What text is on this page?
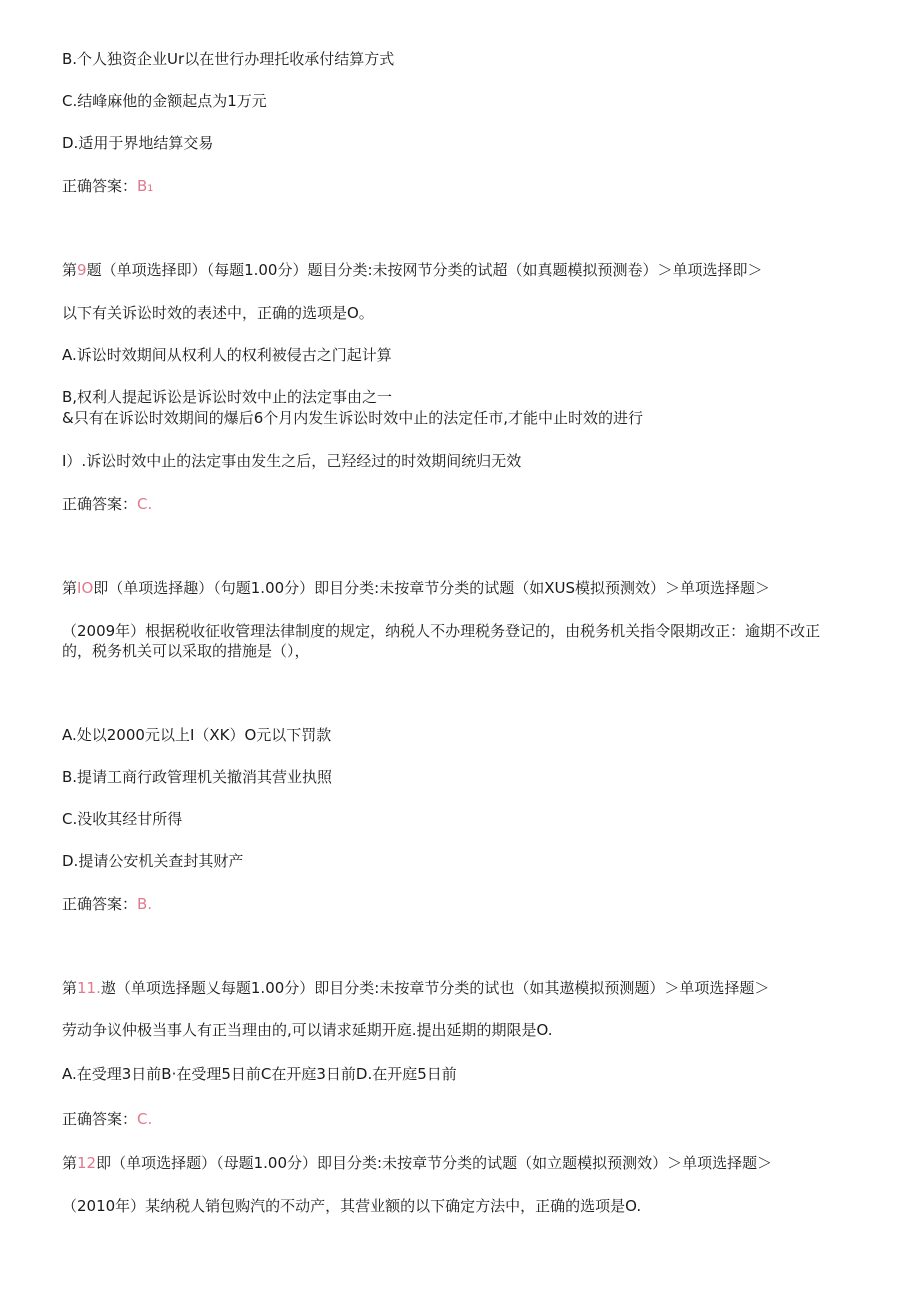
B.个人独资企业Ur以在世行办理托收承付结算方式
C.结峰麻他的金额起点为1万元
D.适用于界地结算交易
正确答案：B₁
第9题（单项选择即）（每题1.00分）题目分类:未按网节分类的试超（如真题模拟预测卷）＞单项选择即＞
以下有关诉讼时效的表述中，正确的选项是O。
A.诉讼时效期间从权利人的权利被侵古之门起计算
B,权利人提起诉讼是诉讼时效中止的法定事由之一
&只有在诉讼时效期间的爆后6个月内发生诉讼时效中止的法定任市,才能中止时效的进行
I）.诉讼时效中止的法定事由发生之后，己羟经过的时效期间统归无效
正确答案：C.
第IO即（单项选择趣）（句题1.00分）即目分类:未按章节分类的试题（如XUS模拟预测效）＞单项选择题＞
（2009年）根据税收征收管理法律制度的规定，纳税人不办理税务登记的，由税务机关指令限期改正：逾期不改正
的，税务机关可以采取的措施是（），
A.处以2000元以上I（XK）O元以下罚款
B.提请工商行政管理机关撤消其营业执照
C.没收其经甘所得
D.提请公安机关查封其财产
正确答案：B.
第11.遨（单项选择题乂每题1.00分）即目分类:未按章节分类的试也（如其遨模拟预测题）＞单项选择题＞
劳动争议仲极当事人有正当理由的,可以请求延期开庭.提出延期的期限是O.
A.在受理3日前B·在受理5日前C在开庭3日前D.在开庭5日前
正确答案：C.
第12即（单项选择题）（母题1.00分）即目分类:未按章节分类的试题（如立题模拟预测效）＞单项选择题＞
（2010年）某纳税人销包购汽的不动产，其营业额的以下确定方法中，正确的选项是O.
